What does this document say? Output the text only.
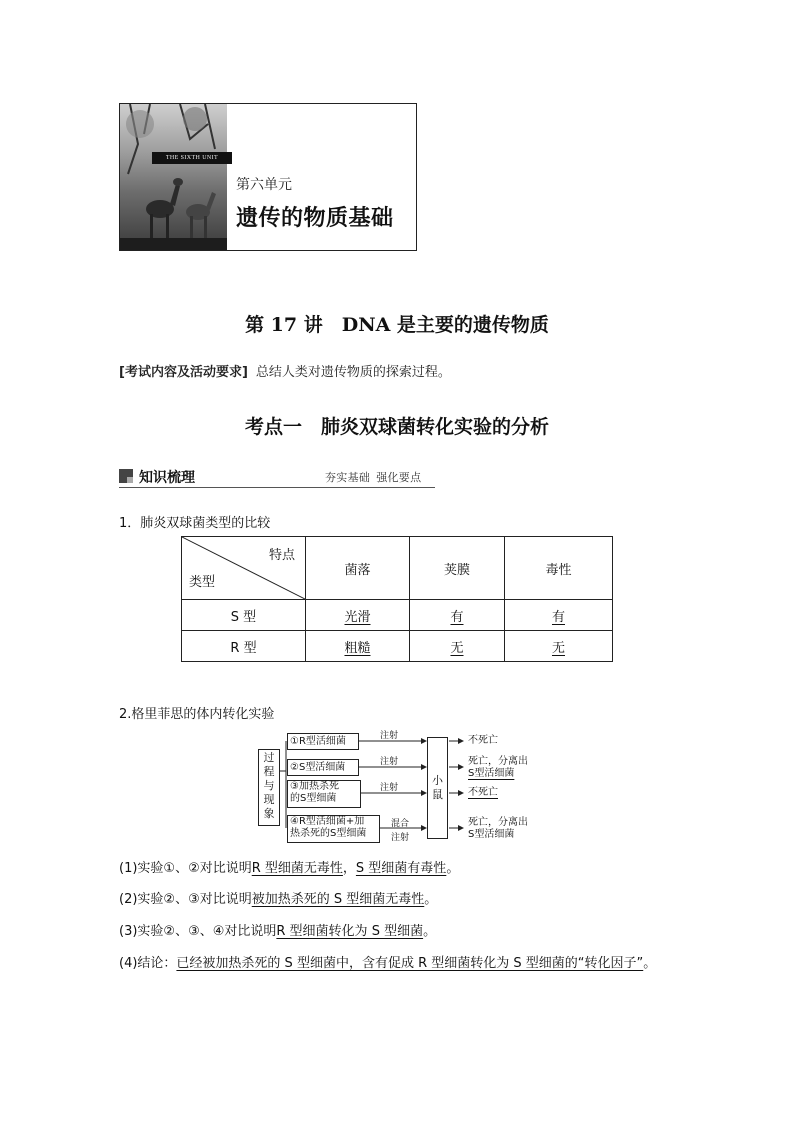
THE SIXTH UNIT
第六单元
遗传的物质基础
第 17 讲　DNA 是主要的遗传物质
[考试内容及活动要求] 总结人类对遗传物质的探索过程。
考点一　肺炎双球菌转化实验的分析
知识梳理	夯实基础 强化要点
1．肺炎双球菌类型的比较
特点
类型	菌落	荚膜	毒性
S 型	光滑	有	有
R 型	粗糙	无	无
2.格里菲思的体内转化实验
过
程
与
现
象
①R型活细菌
②S型活细菌
③加热杀死
的S型细菌
④R型活细菌+加
热杀死的S型细菌
注射
注射
注射
混合
注射
小
鼠
不死亡
死亡，分离出
S型活细菌
不死亡
死亡，分离出
S型活细菌
(1)实验①、②对比说明R 型细菌无毒性，S 型细菌有毒性。
(2)实验②、③对比说明被加热杀死的 S 型细菌无毒性。
(3)实验②、③、④对比说明R 型细菌转化为 S 型细菌。
(4)结论：已经被加热杀死的 S 型细菌中，含有促成 R 型细菌转化为 S 型细菌的“转化因子”。
